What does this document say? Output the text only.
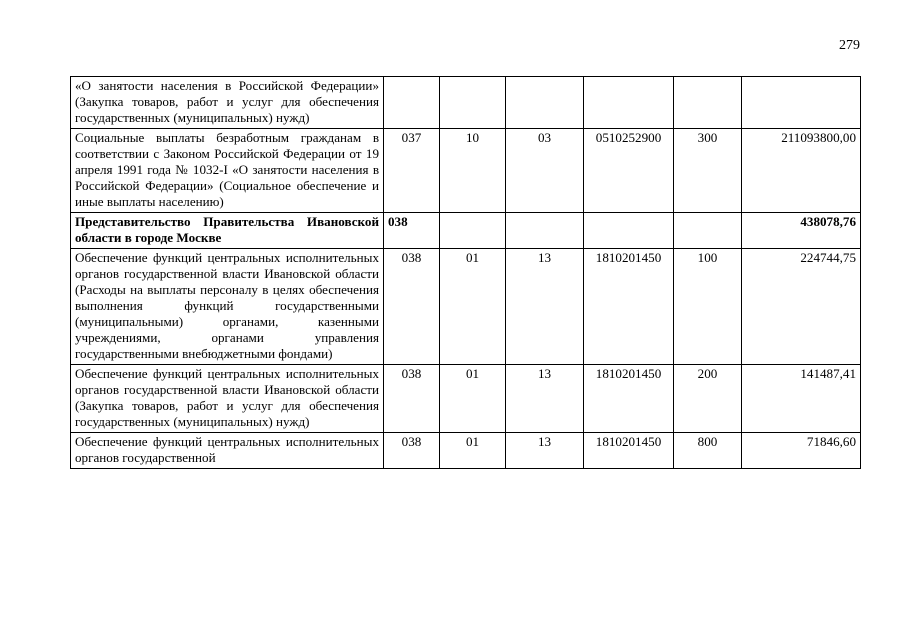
279
«О занятости населения в Российской Федерации» (Закупка товаров, работ и услуг для обеспечения государственных (муниципальных) нужд)						
Социальные выплаты безработным гражданам в соответствии с Законом Российской Федерации от 19 апреля 1991 года № 1032-I «О занятости населения в Российской Федерации» (Социальное обеспечение и иные выплаты населению)	037	10	03	0510252900	300	211093800,00
Представительство Правительства Ивановской области в городе Москве	038					438078,76
Обеспечение функций центральных исполнительных органов государственной власти Ивановской области (Расходы на выплаты персоналу в целях обеспечения выполнения функций государственными (муниципальными) органами, казенными учреждениями, органами управления государственными внебюджетными фондами)	038	01	13	1810201450	100	224744,75
Обеспечение функций центральных исполнительных органов государственной власти Ивановской области (Закупка товаров, работ и услуг для обеспечения государственных (муниципальных) нужд)	038	01	13	1810201450	200	141487,41

Обеспечение функций центральных исполнительных органов государственной	038	01	13	1810201450	800	71846,60
